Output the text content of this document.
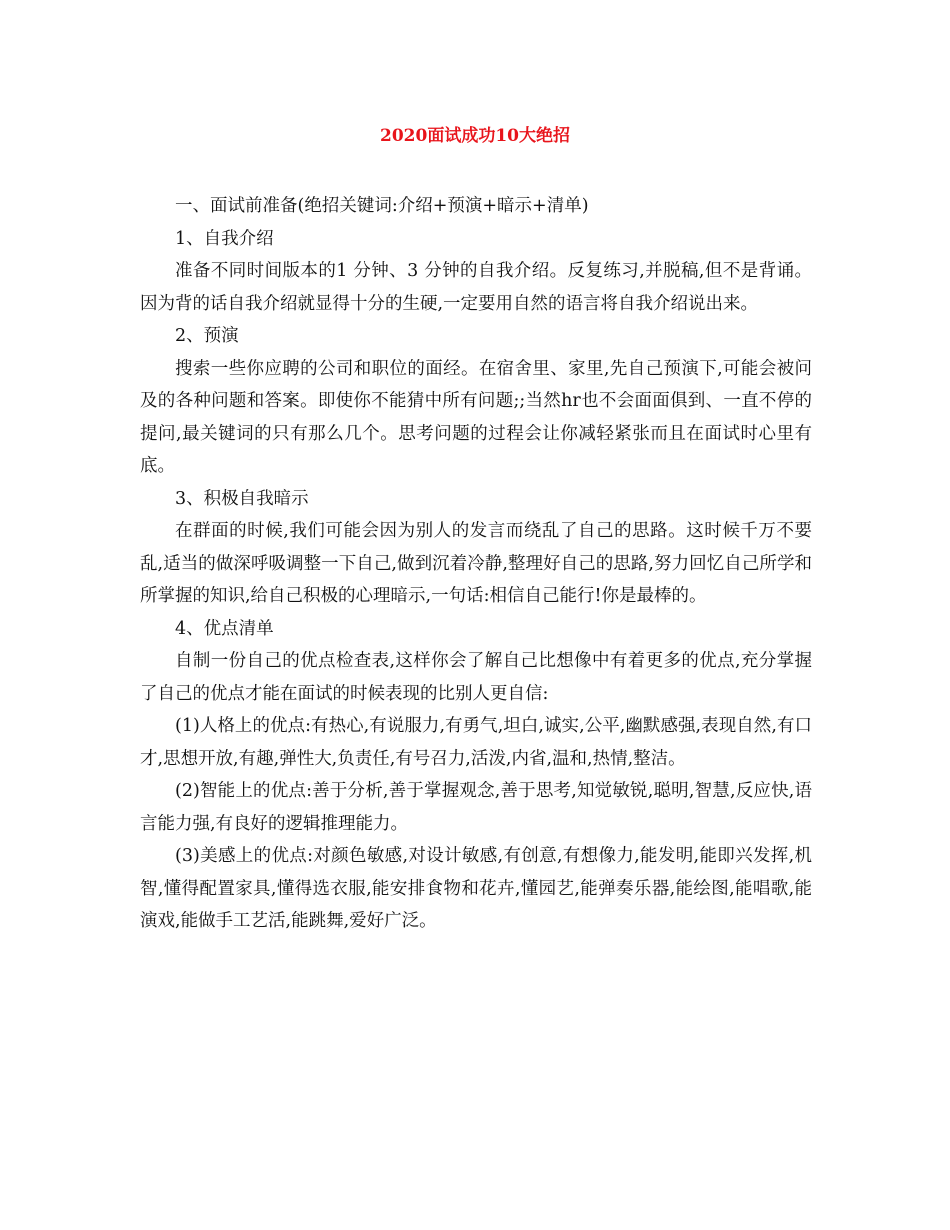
2020面试成功10大绝招

一、面试前准备(绝招关键词:介绍+预演+暗示+清单)

1、自我介绍

准备不同时间版本的1 分钟、3 分钟的自我介绍。反复练习,并脱稿,但不是背诵。因为背的话自我介绍就显得十分的生硬,一定要用自然的语言将自我介绍说出来。

2、预演

搜索一些你应聘的公司和职位的面经。在宿舍里、家里,先自己预演下,可能会被问及的各种问题和答案。即使你不能猜中所有问题;;当然hr也不会面面俱到、一直不停的提问,最关键词的只有那么几个。思考问题的过程会让你减轻紧张而且在面试时心里有底。

3、积极自我暗示

在群面的时候,我们可能会因为别人的发言而绕乱了自己的思路。这时候千万不要乱,适当的做深呼吸调整一下自己,做到沉着冷静,整理好自己的思路,努力回忆自己所学和所掌握的知识,给自己积极的心理暗示,一句话:相信自己能行!你是最棒的。

4、优点清单

自制一份自己的优点检查表,这样你会了解自己比想像中有着更多的优点,充分掌握了自己的优点才能在面试的时候表现的比别人更自信:

(1)人格上的优点:有热心,有说服力,有勇气,坦白,诚实,公平,幽默感强,表现自然,有口才,思想开放,有趣,弹性大,负责任,有号召力,活泼,内省,温和,热情,整洁。

(2)智能上的优点:善于分析,善于掌握观念,善于思考,知觉敏锐,聪明,智慧,反应快,语言能力强,有良好的逻辑推理能力。

(3)美感上的优点:对颜色敏感,对设计敏感,有创意,有想像力,能发明,能即兴发挥,机智,懂得配置家具,懂得选衣服,能安排食物和花卉,懂园艺,能弹奏乐器,能绘图,能唱歌,能演戏,能做手工艺活,能跳舞,爱好广泛。
